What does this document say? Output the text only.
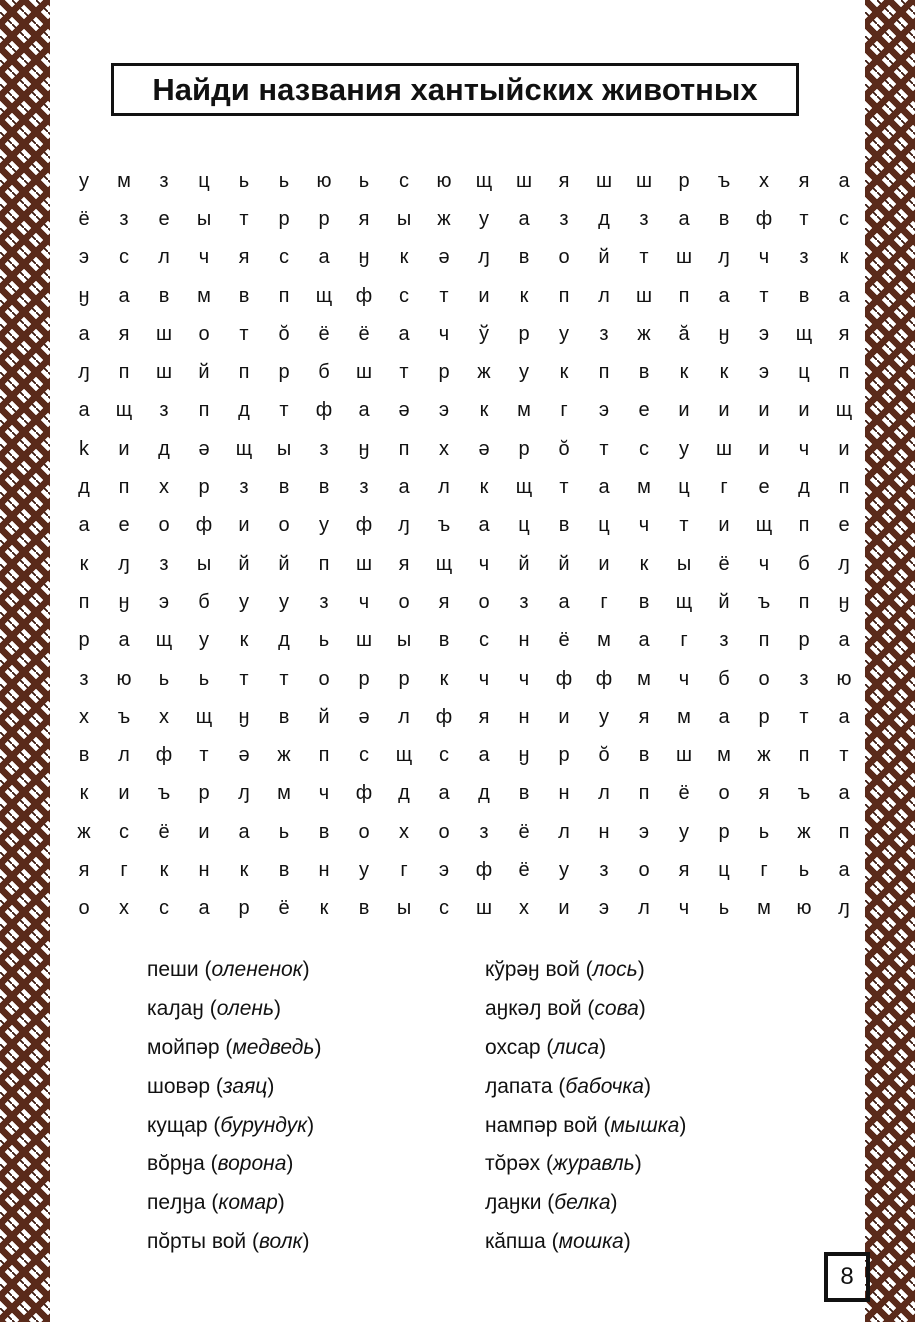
Найди названия хантыйских животных
у	м	з	ц	ь	ь	ю	ь	с	ю	щ	ш	я	ш	ш	р	ъ	х	я	а
ё	з	е	ы	т	р	р	я	ы	ж	у	а	з	д	з	а	в	ф	т	с
э	с	л	ч	я	с	а	ӈ	к	ә	ԓ	в	о	й	т	ш	ԓ	ч	з	к
ӈ	а	в	м	в	п	щ	ф	с	т	и	к	п	л	ш	п	а	т	в	а
а	я	ш	о	т	ŏ	ё	ё	а	ч	ў	р	у	з	ж	ӑ	ӈ	э	щ	я
ԓ	п	ш	й	п	р	б	ш	т	р	ж	у	к	п	в	к	к	э	ц	п
а	щ	з	п	д	т	ф	а	ә	э	к	м	г	э	е	и	и	и	и	щ
k	и	д	ә	щ	ы	з	ӈ	п	х	ә	р	ŏ	т	с	у	ш	и	ч	и
д	п	х	р	з	в	в	з	а	л	к	щ	т	а	м	ц	г	е	д	п
а	е	о	ф	и	о	у	ф	ԓ	ъ	а	ц	в	ц	ч	т	и	щ	п	е
к	ԓ	з	ы	й	й	п	ш	я	щ	ч	й	й	и	к	ы	ё	ч	б	ԓ
п	ӈ	э	б	у	у	з	ч	о	я	о	з	а	г	в	щ	й	ъ	п	ӈ
р	а	щ	у	к	д	ь	ш	ы	в	с	н	ё	м	а	г	з	п	р	а
з	ю	ь	ь	т	т	о	р	р	к	ч	ч	ф	ф	м	ч	б	о	з	ю
х	ъ	х	щ	ӈ	в	й	ә	л	ф	я	н	и	у	я	м	а	р	т	а
в	л	ф	т	ә	ж	п	с	щ	с	а	ӈ	р	ŏ	в	ш	м	ж	п	т
к	и	ъ	р	ԓ	м	ч	ф	д	а	д	в	н	л	п	ё	о	я	ъ	а
ж	с	ё	и	а	ь	в	о	х	о	з	ё	л	н	э	у	р	ь	ж	п
я	г	к	н	к	в	н	у	г	э	ф	ё	у	з	о	я	ц	г	ь	а
о	х	с	а	р	ё	к	в	ы	с	ш	х	и	э	л	ч	ь	м	ю	ԓ
пеши (олененок)
каԓаӈ (олень)
мойпәр (медведь)
шовәр (заяц)
кущар (бурундук)
вŏрӈа (ворона)
пеԓӈа (комар)
пŏрты вой (волк)
кўрәӈ вой (лось)
аӈкәԓ вой (сова)
охсар (лиса)
ԓапата (бабочка)
нампәр вой (мышка)
тŏрәх (журавль)
ԓаӈки (белка)
кӑпша (мошка)
8
